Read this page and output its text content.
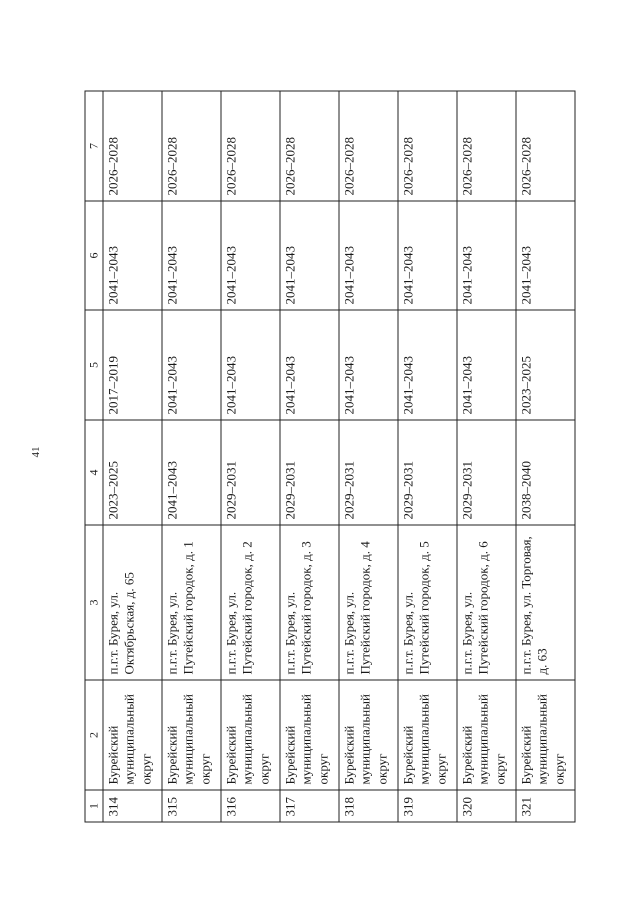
41
1	2	3	4	5	6	7
314	Бурейский муниципальный округ	п.г.т. Бурея, ул. Октябрьская, д. 65	2023–2025	2017–2019	2041–2043	2026–2028
315	Бурейский муниципальный округ	п.г.т. Бурея, ул. Путейский городок, д. 1	2041–2043	2041–2043	2041–2043	2026–2028
316	Бурейский муниципальный округ	п.г.т. Бурея, ул. Путейский городок, д. 2	2029–2031	2041–2043	2041–2043	2026–2028
317	Бурейский муниципальный округ	п.г.т. Бурея, ул. Путейский городок, д. 3	2029–2031	2041–2043	2041–2043	2026–2028
318	Бурейский муниципальный округ	п.г.т. Бурея, ул. Путейский городок, д. 4	2029–2031	2041–2043	2041–2043	2026–2028
319	Бурейский муниципальный округ	п.г.т. Бурея, ул. Путейский городок, д. 5	2029–2031	2041–2043	2041–2043	2026–2028
320	Бурейский муниципальный округ	п.г.т. Бурея, ул. Путейский городок, д. 6	2029–2031	2041–2043	2041–2043	2026–2028
321	Бурейский муниципальный округ	п.г.т. Бурея, ул. Торговая, д. 63	2038–2040	2023–2025	2041–2043	2026–2028
